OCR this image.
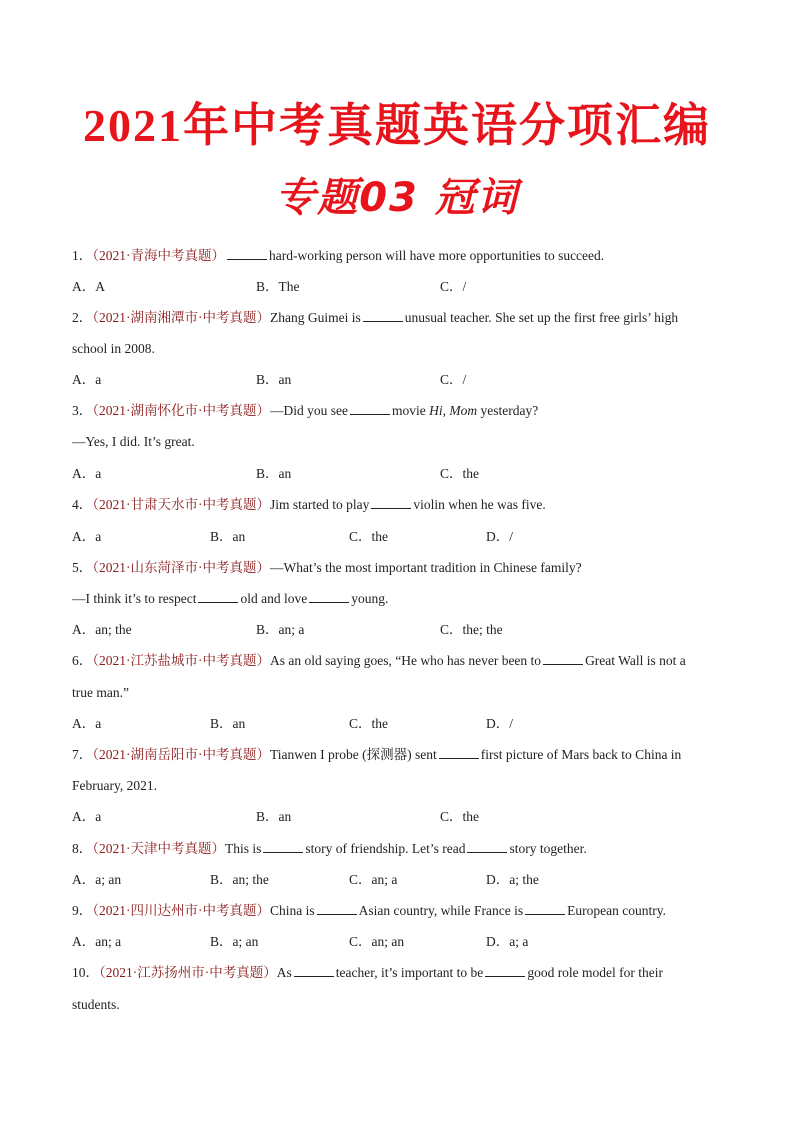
2021年中考真题英语分项汇编
专题03 冠词
1．（2021·青海中考真题）	hard-working person will have more opportunities to succeed.
A．A	B．The	C．/
2．（2021·湖南湘潭市·中考真题）Zhang Guimei is	unusual teacher. She set up the first free girls’ high
school in 2008.
A．a	B．an	C．/
3．（2021·湖南怀化市·中考真题）—Did you see	movie Hi, Mom yesterday?
—Yes, I did. It’s great.
A．a	B．an	C．the
4．（2021·甘肃天水市·中考真题）Jim started to play	violin when he was five.
A．a	B．an	C．the	D．/
5．（2021·山东菏泽市·中考真题）—What’s the most important tradition in Chinese family?
—I think it’s to respect	old and love	young.
A．an; the	B．an; a	C．the; the
6．（2021·江苏盐城市·中考真题）As an old saying goes, “He who has never been to	Great Wall is not a
true man.”
A．a	B．an	C．the	D．/
7．（2021·湖南岳阳市·中考真题）Tianwen I probe (探测器) sent	first picture of Mars back to China in
February, 2021.
A．a	B．an	C．the
8．（2021·天津中考真题）This is	story of friendship. Let’s read	story together.
A．a; an	B．an; the	C．an; a	D．a; the
9．（2021·四川达州市·中考真题）China is	Asian country, while France is	European country.
A．an; a	B．a; an	C．an; an	D．a; a
10．（2021·江苏扬州市·中考真题）As	teacher, it’s important to be	good role model for their
students.
